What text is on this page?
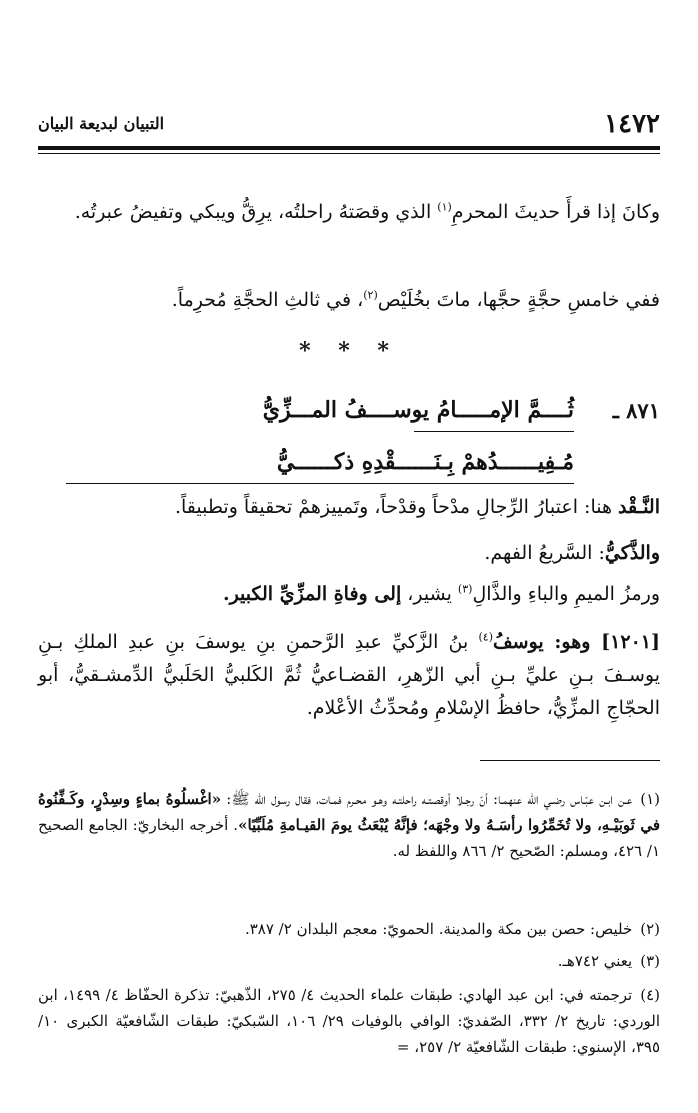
١٤٧٢
التبيان لبديعة البيان

وكانَ إذا قرأَ حديثَ المحرمِ$^{(١)}$ الذي وقصَتهُ راحلتُه، يرِقُّ ويبكي وتفيضُ عبرتُه.

ففي خامسِ حجَّةٍ حجَّها، ماتَ بخُلَيْص$^{(٢)}$، في ثالثِ الحجَّةِ مُحرِماً.

* * *
٨٧١ ـ
ثُــــمَّ الإمـــــامُ يوســــفُ المـــزِّيُّ
مُـفِيــــــدُهمْ بِـنَــــــقْدِهِ ذكــــــيُّ

النَّـقْد هنا: اعتبارُ الرِّجالِ مدْحاً وقدْحاً، وتَمييزهمْ تحقيقاً وتطبيقاً.

والذَّكيُّ: السَّريعُ الفهم.

ورمزُ الميمِ والباءِ والذَّالِ$^{(٣)}$ يشير، إلى وفاةِ المزِّيِّ الكبير.

[١٢٠١] وهو: يوسفُ$^{(٤)}$ بنُ الزَّكيِّ عبدِ الرَّحمنِ بنِ يوسفَ بنِ عبدِ الملكِ بـنِ يوسـفَ بـنِ عليِّ بـنِ أبي الزّهرِ، القضـاعيُّ ثُمَّ الكَلبيُّ الحَلَبيُّ الدِّمشـقيُّ، أبو الحجّاجِ المزِّيُّ، حافظُ الإسْلامِ ومُحدِّثُ الأعْلام.

(١)عـن ابـن عبّـاس رضـي الله عنهمـا: أنّ رجـلا أوقصتـه راحلتـه وهـو محـرم فمـات، فقال رسول الله ﷺ: «اغْسلُوهُ بماءٍ وسِدْرٍ، وكَـفِّنُوهُ في ثَوبَيْـهِ، ولا تُخَمِّرُوا رأسَـهُ ولا وجْهَه؛ فإنَّهُ يُبْعَثُ يومَ القيـامةِ مُلَبِّيًا». أخرجه البخاريّ: الجامع الصحيح ١/ ٤٢٦، ومسلم: الصّحيح ٢/ ٨٦٦ واللفظ له.

(٢)خليص: حصن بين مكة والمدينة. الحمويّ: معجم البلدان ٢/ ٣٨٧.

(٣)يعني ٧٤٢هـ.

(٤)ترجمته في: ابن عبد الهادي: طبقات علماء الحديث ٤/ ٢٧٥، الذّهبيّ: تذكرة الحفّاظ ٤/ ١٤٩٩، ابن الوردي: تاريخ ٢/ ٣٣٢، الصّفديّ: الوافي بالوفيات ٢٩/ ١٠٦، السّبكيّ: طبقات الشّافعيّة الكبرى ١٠/ ٣٩٥، الإسنوي: طبقات الشّافعيّة ٢/ ٢٥٧، =
